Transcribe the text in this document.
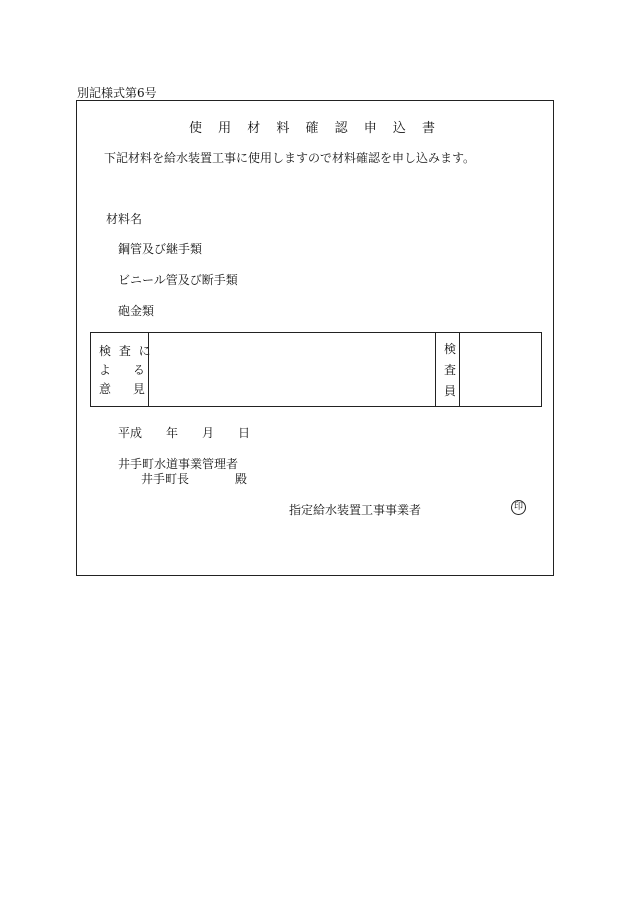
別記様式第6号
使 用 材 料 確 認 申 込 書
下記材料を給水装置工事に使用しますので材料確認を申し込みます。
材料名
鋼管及び継手類
ビニール管及び断手類
砲金類
検 査 に
よ　 る
意　 見
検
査
員
平成　　年　　月　　日
井手町水道事業管理者
井手町長	殿
指定給水装置工事事業者	印
